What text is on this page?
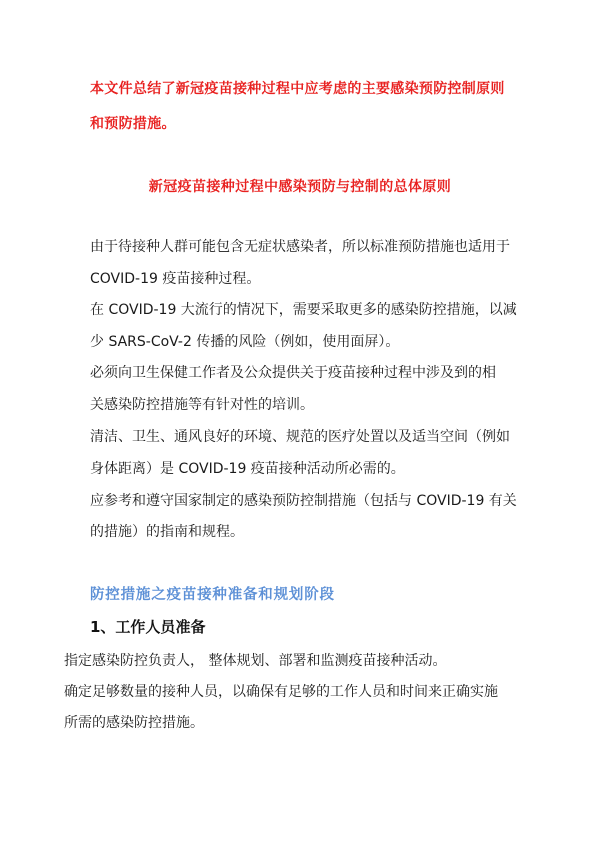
本文件总结了新冠疫苗接种过程中应考虑的主要感染预防控制原则
和预防措施。
新冠疫苗接种过程中感染预防与控制的总体原则
由于待接种人群可能包含无症状感染者，所以标准预防措施也适用于
COVID-19 疫苗接种过程。
在 COVID-19 大流行的情况下，需要采取更多的感染防控措施，以减
少 SARS-CoV-2 传播的风险（例如，使用面屏）。
必须向卫生保健工作者及公众提供关于疫苗接种过程中涉及到的相
关感染防控措施等有针对性的培训。
清洁、卫生、通风良好的环境、规范的医疗处置以及适当空间（例如
身体距离）是 COVID-19 疫苗接种活动所必需的。
应参考和遵守国家制定的感染预防控制措施（包括与 COVID-19 有关
的措施）的指南和规程。
防控措施之疫苗接种准备和规划阶段
1、工作人员准备
指定感染防控负责人， 整体规划、部署和监测疫苗接种活动。
确定足够数量的接种人员，以确保有足够的工作人员和时间来正确实施
所需的感染防控措施。
